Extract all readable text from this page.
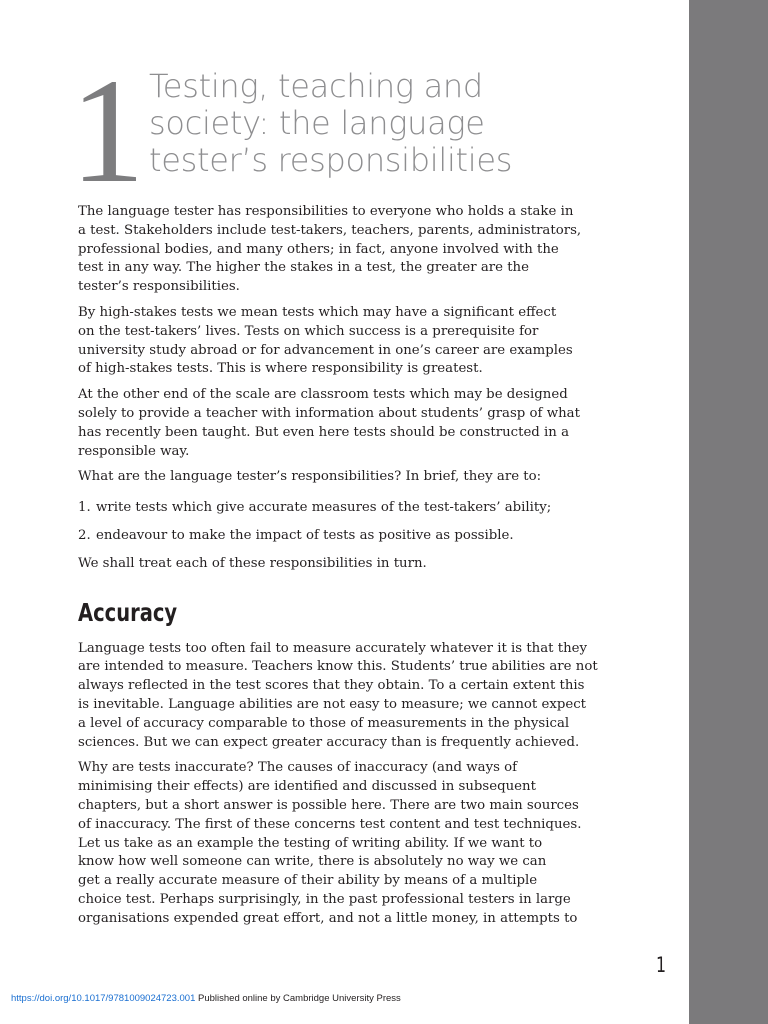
1 Testing, teaching and
society: the language
tester’s responsibilities

The language tester has responsibilities to everyone who holds a stake in
a test. Stakeholders include test-takers, teachers, parents, administrators,
professional bodies, and many others; in fact, anyone involved with the
test in any way. The higher the stakes in a test, the greater are the
tester’s responsibilities.

By high-stakes tests we mean tests which may have a significant effect
on the test-takers’ lives. Tests on which success is a prerequisite for
university study abroad or for advancement in one’s career are examples
of high-stakes tests. This is where responsibility is greatest.

At the other end of the scale are classroom tests which may be designed
solely to provide a teacher with information about students’ grasp of what
has recently been taught. But even here tests should be constructed in a
responsible way.

What are the language tester’s responsibilities? In brief, they are to:

1. write tests which give accurate measures of the test-takers’ ability;
2. endeavour to make the impact of tests as positive as possible.

We shall treat each of these responsibilities in turn.

Accuracy

Language tests too often fail to measure accurately whatever it is that they
are intended to measure. Teachers know this. Students’ true abilities are not
always reflected in the test scores that they obtain. To a certain extent this
is inevitable. Language abilities are not easy to measure; we cannot expect
a level of accuracy comparable to those of measurements in the physical
sciences. But we can expect greater accuracy than is frequently achieved.

Why are tests inaccurate? The causes of inaccuracy (and ways of
minimising their effects) are identified and discussed in subsequent
chapters, but a short answer is possible here. There are two main sources
of inaccuracy. The first of these concerns test content and test techniques.
Let us take as an example the testing of writing ability. If we want to
know how well someone can write, there is absolutely no way we can
get a really accurate measure of their ability by means of a multiple
choice test. Perhaps surprisingly, in the past professional testers in large
organisations expended great effort, and not a little money, in attempts to

1
https://doi.org/10.1017/9781009024723.001 Published online by Cambridge University Press
